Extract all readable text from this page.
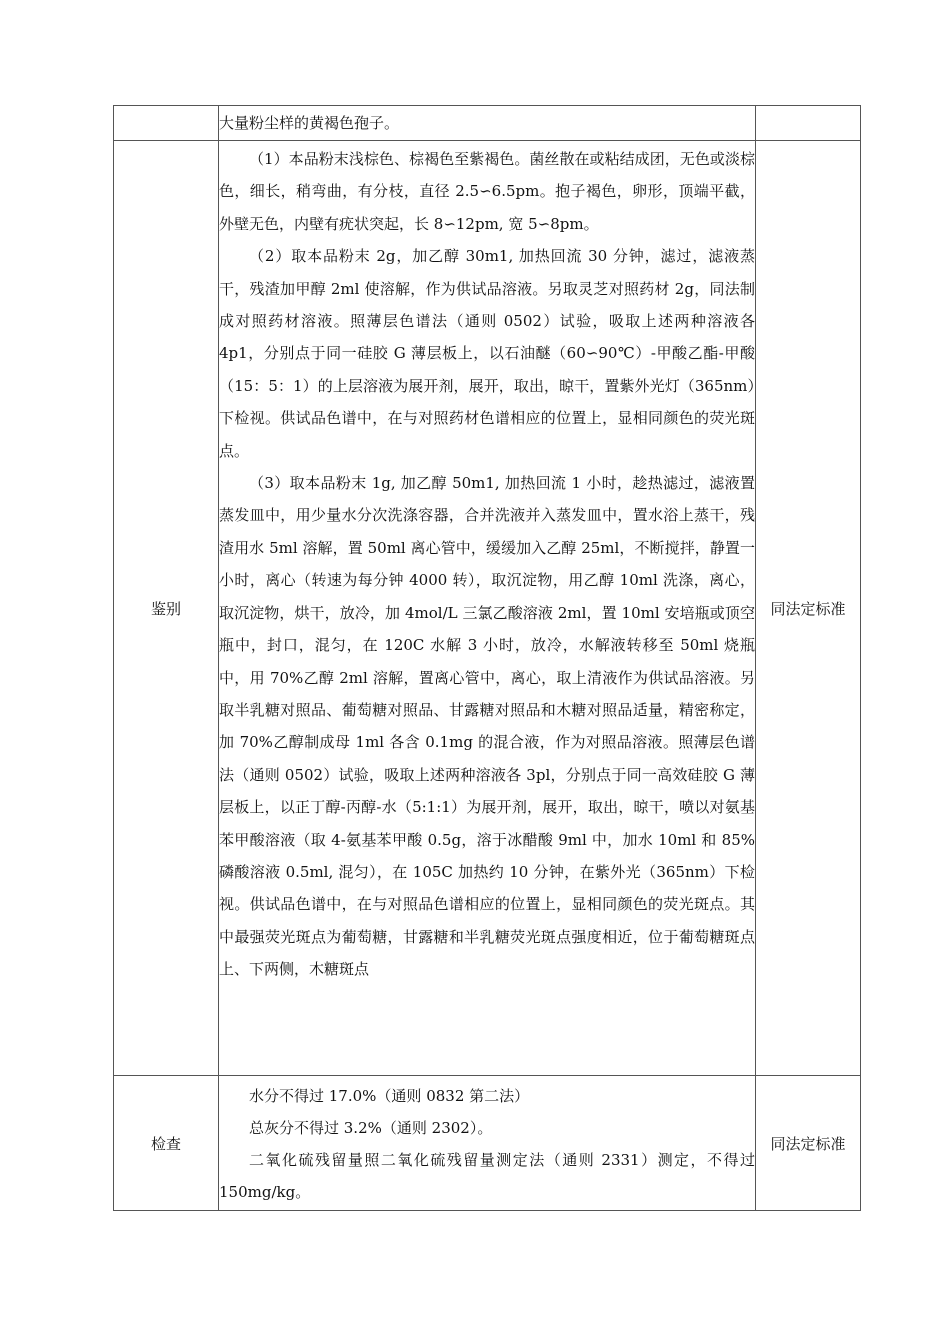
	大量粉尘样的黄褐色孢子。	

鉴别	（1）本品粉末浅棕色、棕褐色至紫褐色。菌丝散在或粘结成团，无色或淡棕色，细长，稍弯曲，有分枝，直径 2.5∽6.5pm。抱子褐色，卵形，顶端平截，外壁无色，内壁有疣状突起，长 8∽12pm, 宽 5∽8pm。

（2）取本品粉末 2g，加乙醇 30m1, 加热回流 30 分钟，滤过，滤液蒸干，残渣加甲醇 2ml 使溶解，作为供试品溶液。另取灵芝对照药材 2g，同法制成对照药材溶液。照薄层色谱法（通则 0502）试验，吸取上述两种溶液各 4p1，分别点于同一硅胶 G 薄层板上，以石油醚（60∽90℃）-甲酸乙酯-甲酸（15：5：1）的上层溶液为展开剂，展开，取出，晾干，置紫外光灯（365nm）下检视。供试品色谱中，在与对照药材色谱相应的位置上，显相同颜色的荧光斑点。

（3）取本品粉末 1g, 加乙醇 50m1, 加热回流 1 小时，趁热滤过，滤液置蒸发皿中，用少量水分次洗涤容器，合并洗液并入蒸发皿中，置水浴上蒸干，残渣用水 5ml 溶解，置 50ml 离心管中，缓缓加入乙醇 25ml，不断搅拌，静置一小时，离心（转速为每分钟 4000 转），取沉淀物，用乙醇 10ml 洗涤，离心，取沉淀物，烘干，放冷，加 4mol/L 三氯乙酸溶液 2ml，置 10ml 安培瓶或顶空瓶中，封口，混匀，在 120C 水解 3 小时，放冷，水解液转移至 50ml 烧瓶中，用 70%乙醇 2ml 溶解，置离心管中，离心，取上清液作为供试品溶液。另取半乳糖对照品、葡萄糖对照品、甘露糖对照品和木糖对照品适量，精密称定，加 70%乙醇制成母 1ml 各含 0.1mg 的混合液，作为对照品溶液。照薄层色谱法（通则 0502）试验，吸取上述两种溶液各 3pl，分别点于同一高效硅胶 G 薄层板上，以正丁醇-丙醇-水（5:1:1）为展开剂，展开，取出，晾干，喷以对氨基苯甲酸溶液（取 4-氨基苯甲酸 0.5g，溶于冰醋酸 9ml 中，加水 10ml 和 85%磷酸溶液 0.5ml, 混匀），在 105C 加热约 10 分钟，在紫外光（365nm）下检视。供试品色谱中，在与对照品色谱相应的位置上，显相同颜色的荧光斑点。其中最强荧光斑点为葡萄糖，甘露糖和半乳糖荧光斑点强度相近，位于葡萄糖斑点上、下两侧，木糖斑点	同法定标准
检查	水分不得过 17.0%（通则 0832 第二法）

总灰分不得过 3.2%（通则 2302）。

二氧化硫残留量照二氧化硫残留量测定法（通则 2331）测定，不得过 150mg/kg。	同法定标准
